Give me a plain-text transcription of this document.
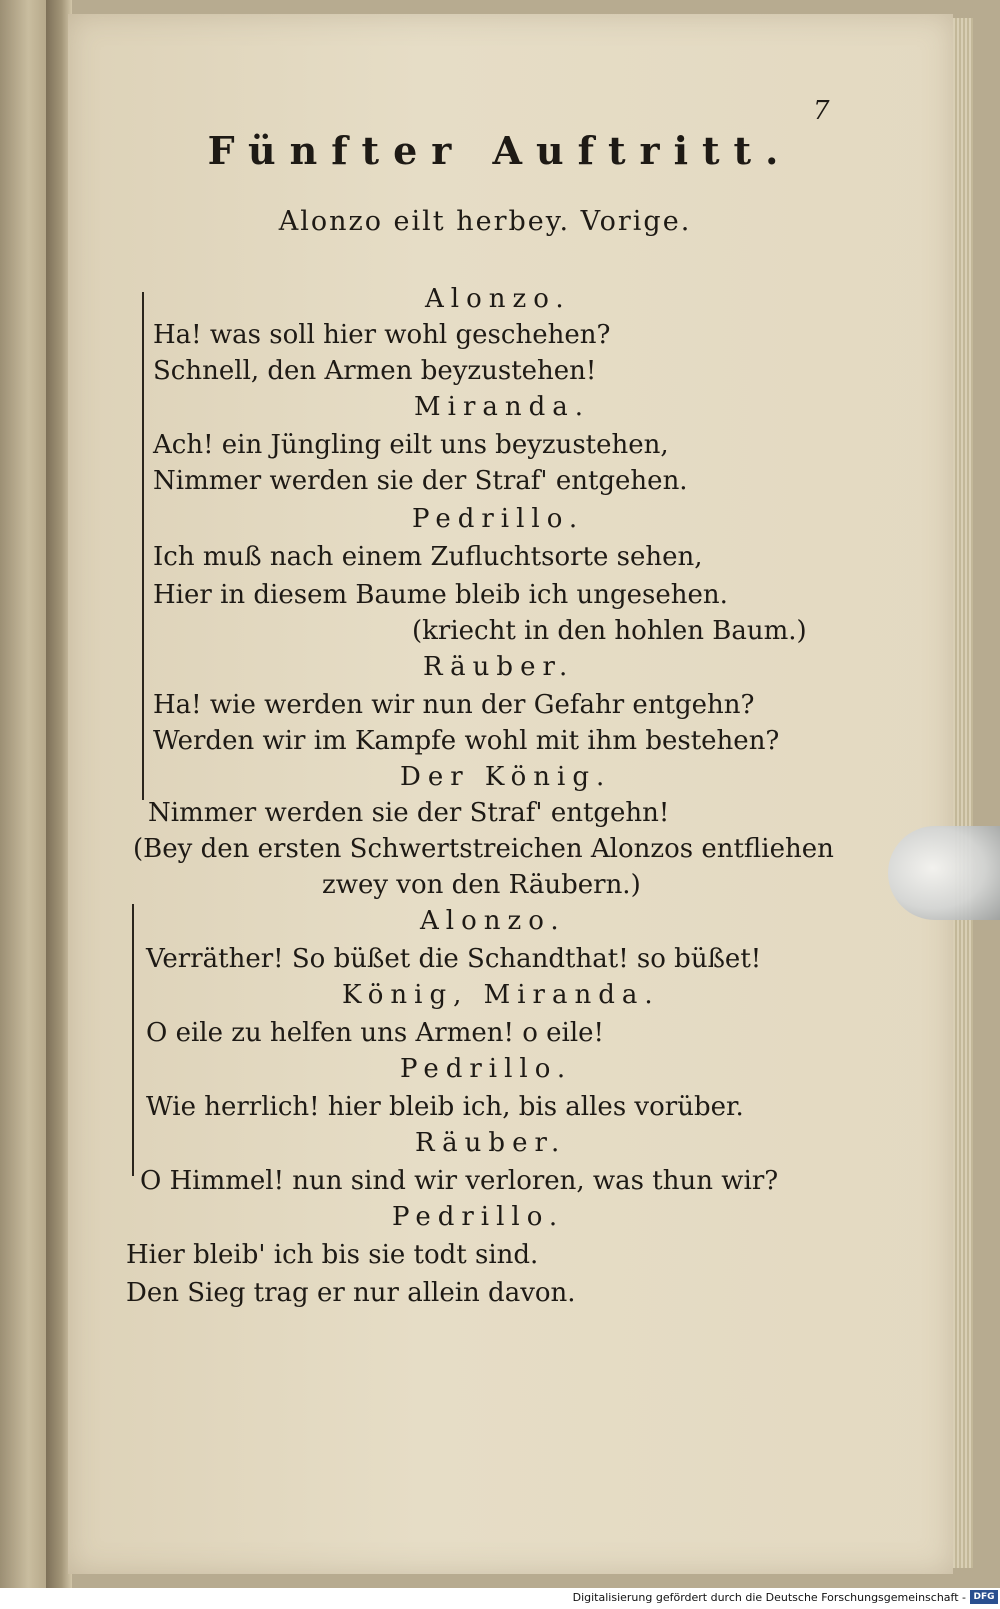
7
Fünfter Auftritt.
Alonzo eilt herbey. Vorige.
Alonzo.
Ha! was soll hier wohl geschehen?
Schnell, den Armen beyzustehen!
Miranda.
Ach! ein Jüngling eilt uns beyzustehen,
Nimmer werden sie der Straf' entgehen.
Pedrillo.
Ich muß nach einem Zufluchtsorte sehen,
Hier in diesem Baume bleib ich ungesehen.
(kriecht in den hohlen Baum.)
Räuber.
Ha! wie werden wir nun der Gefahr entgehn?
Werden wir im Kampfe wohl mit ihm bestehen?
Der König.
Nimmer werden sie der Straf' entgehn!
(Bey den ersten Schwertstreichen Alonzos entfliehen
zwey von den Räubern.)
Alonzo.
Verräther! So büßet die Schandthat! so büßet!
König, Miranda.
O eile zu helfen uns Armen! o eile!
Pedrillo.
Wie herrlich! hier bleib ich, bis alles vorüber.
Räuber.
O Himmel! nun sind wir verloren, was thun wir?
Pedrillo.
Hier bleib' ich bis sie todt sind.
Den Sieg trag er nur allein davon.
Digitalisierung gefördert durch die Deutsche Forschungsgemeinschaft - DFG
